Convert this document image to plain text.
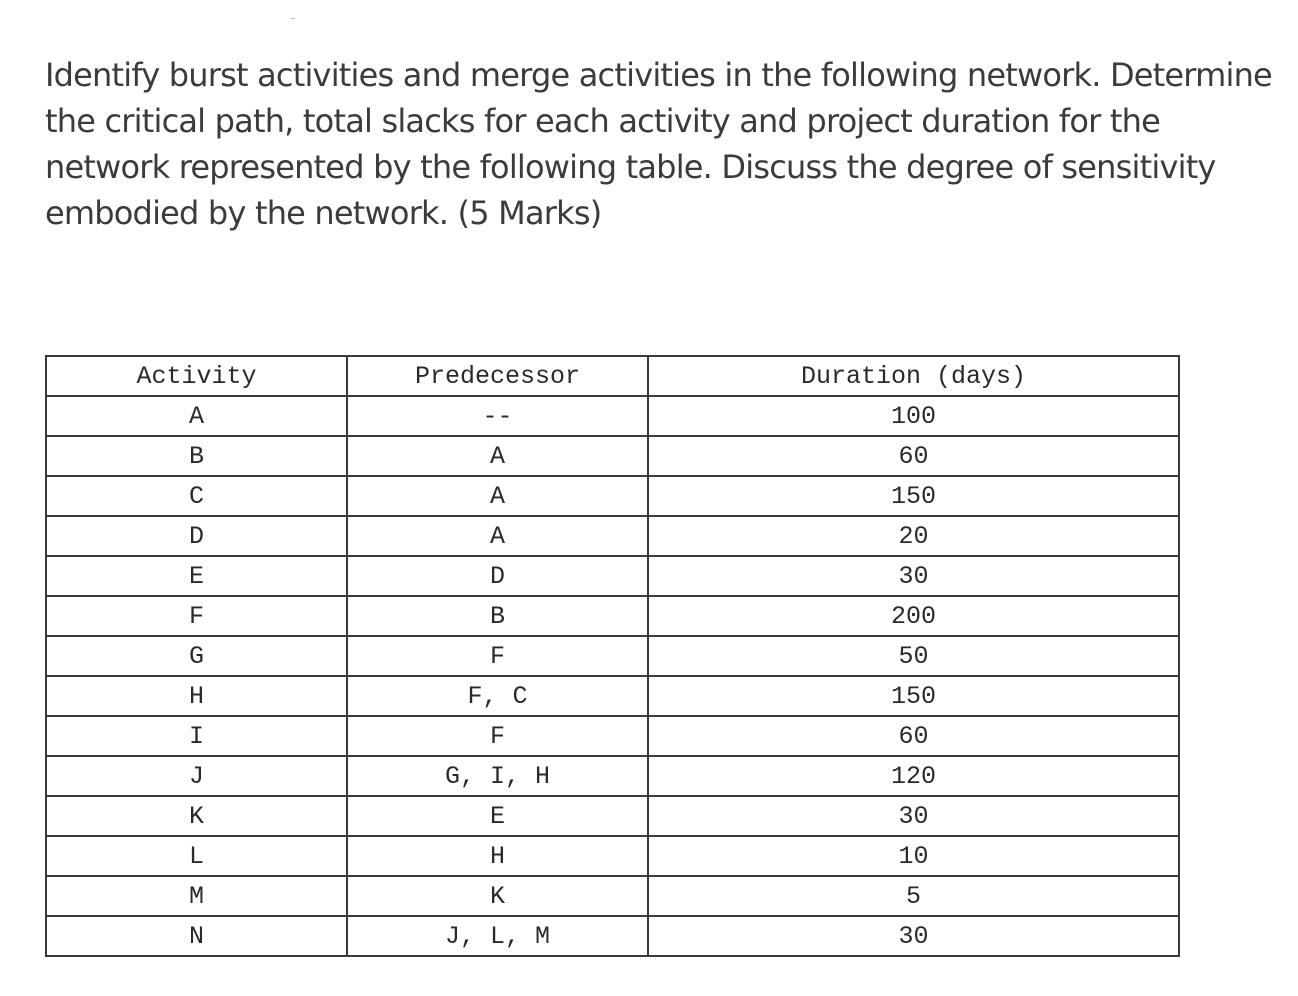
Identify burst activities and merge activities in the following network. Determine the critical path, total slacks for each activity and project duration for the network represented by the following table. Discuss the degree of sensitivity embodied by the network. (5 Marks)

Activity	Predecessor	Duration (days)
A	--	100
B	A	60
C	A	150
D	A	20
E	D	30
F	B	200
G	F	50
H	F, C	150
I	F	60
J	G, I, H	120
K	E	30
L	H	10
M	K	5
N	J, L, M	30
